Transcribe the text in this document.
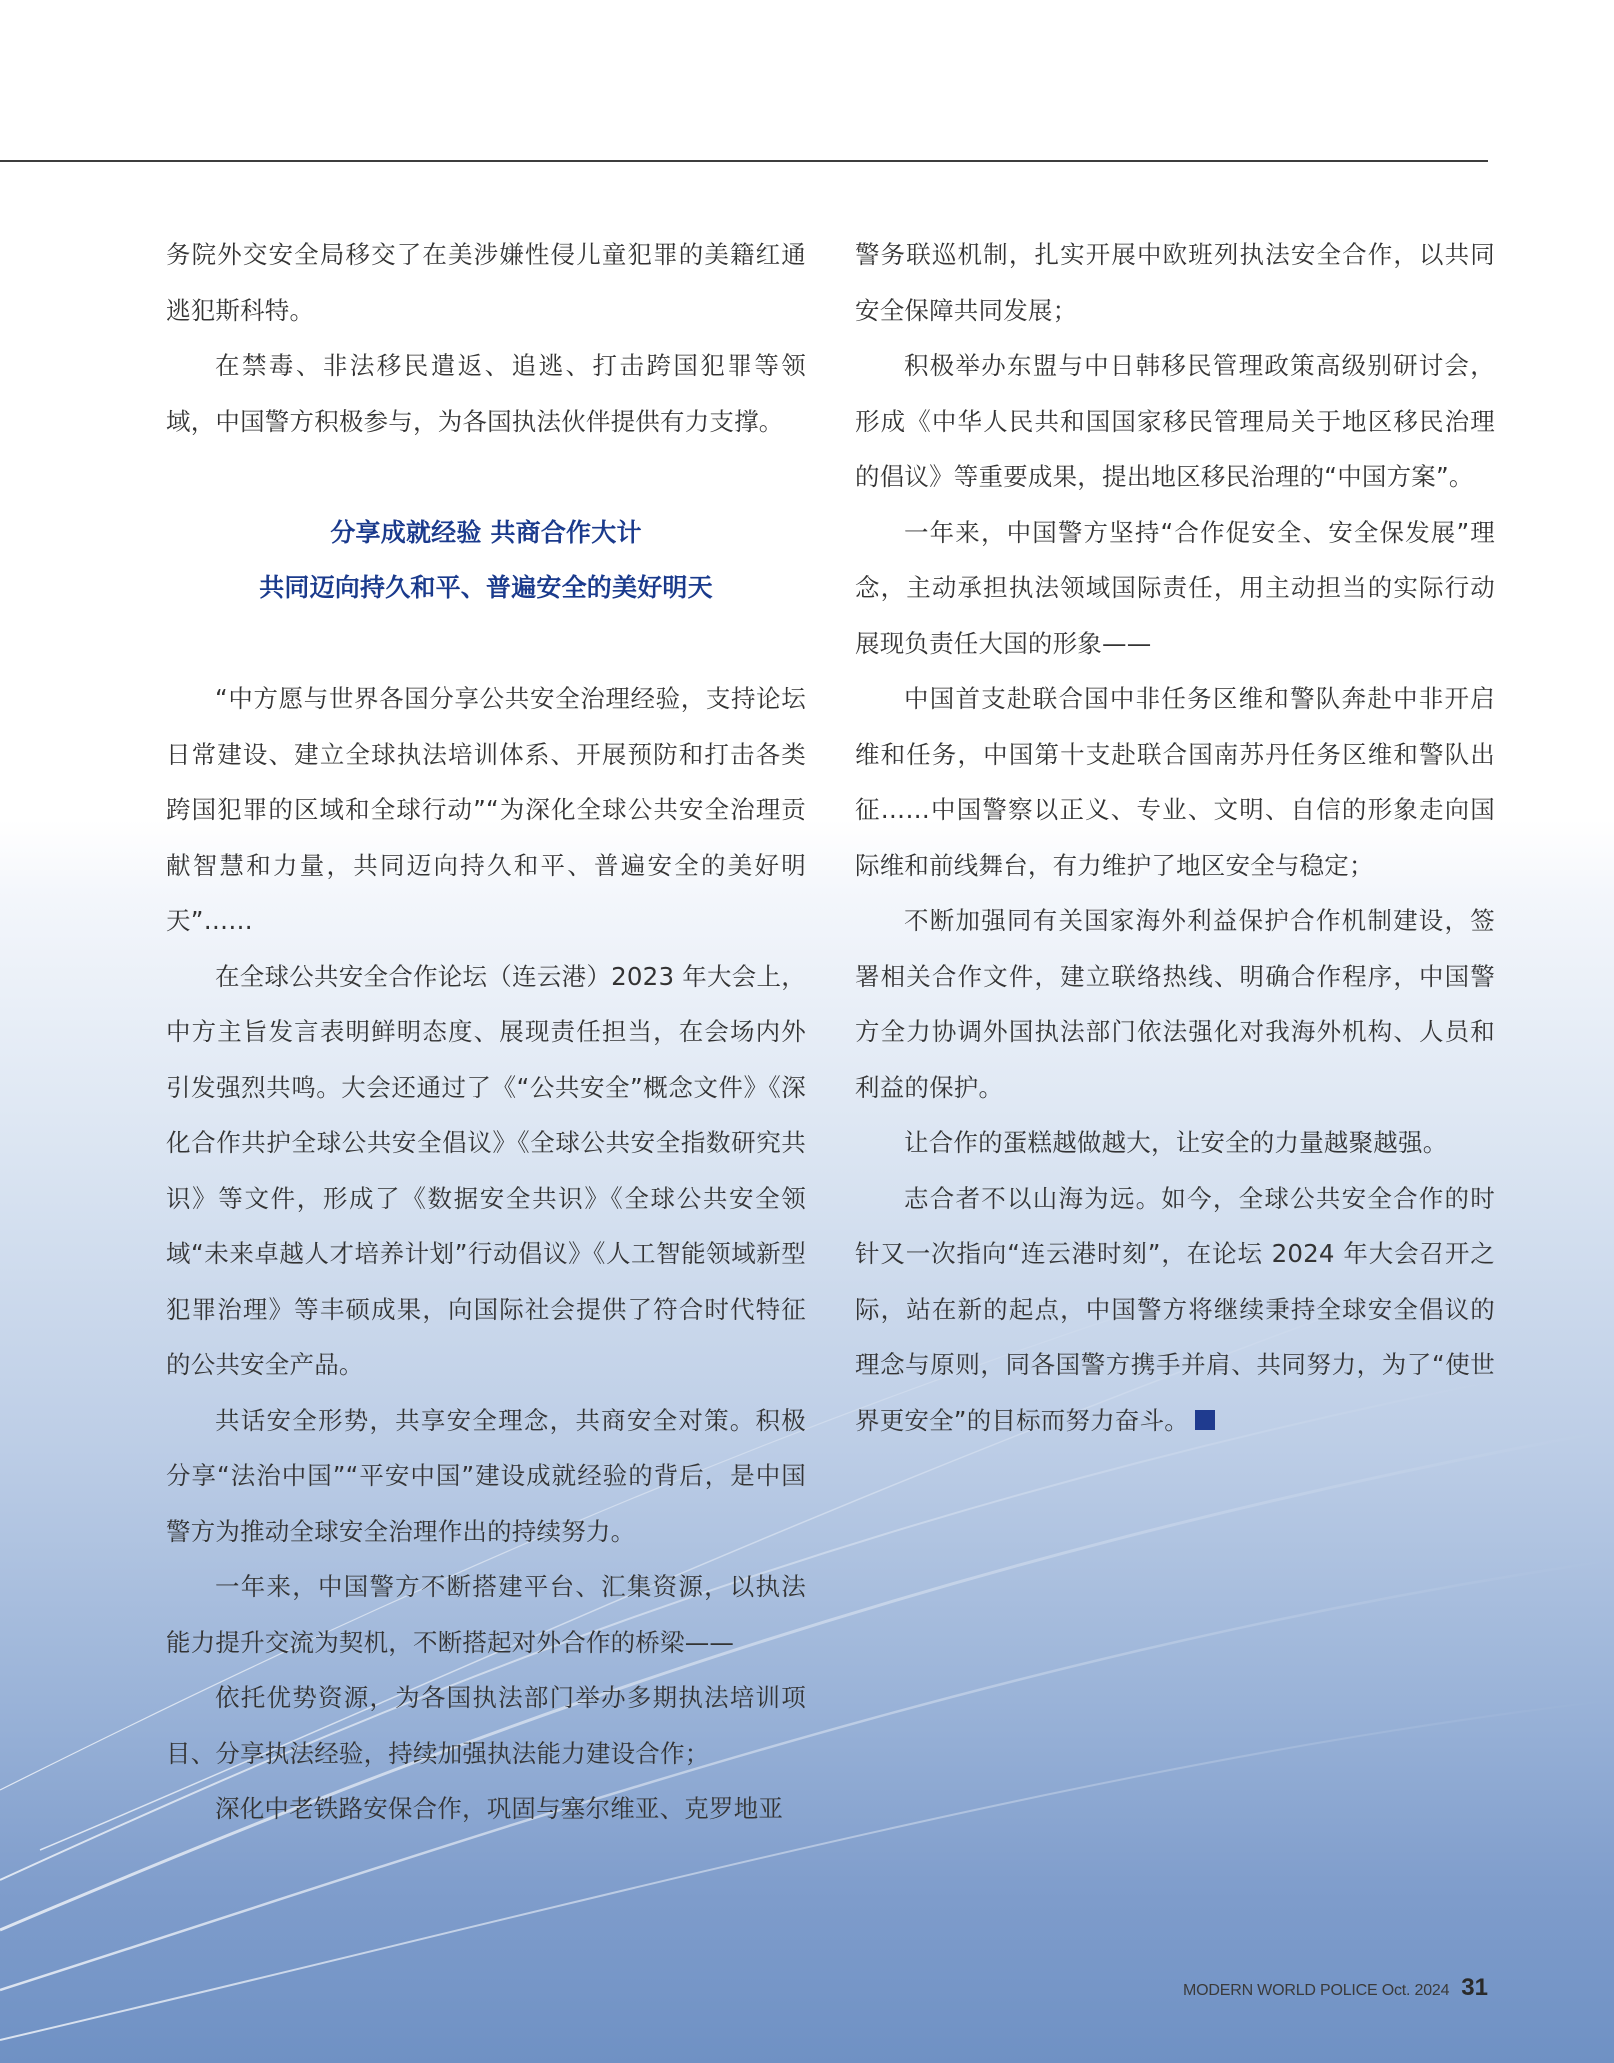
务院外交安全局移交了在美涉嫌性侵儿童犯罪的美籍红通逃犯斯科特。

在禁毒、非法移民遣返、追逃、打击跨国犯罪等领域，中国警方积极参与，为各国执法伙伴提供有力支撑。

分享成就经验 共商合作大计

共同迈向持久和平、普遍安全的美好明天

“中方愿与世界各国分享公共安全治理经验，支持论坛日常建设、建立全球执法培训体系、开展预防和打击各类跨国犯罪的区域和全球行动”“为深化全球公共安全治理贡献智慧和力量，共同迈向持久和平、普遍安全的美好明天”……

在全球公共安全合作论坛（连云港）2023 年大会上，中方主旨发言表明鲜明态度、展现责任担当，在会场内外引发强烈共鸣。大会还通过了《“公共安全”概念文件》《深化合作共护全球公共安全倡议》《全球公共安全指数研究共识》等文件，形成了《数据安全共识》《全球公共安全领域“未来卓越人才培养计划”行动倡议》《人工智能领域新型犯罪治理》等丰硕成果，向国际社会提供了符合时代特征的公共安全产品。

共话安全形势，共享安全理念，共商安全对策。积极分享“法治中国”“平安中国”建设成就经验的背后，是中国警方为推动全球安全治理作出的持续努力。

一年来，中国警方不断搭建平台、汇集资源，以执法能力提升交流为契机，不断搭起对外合作的桥梁——

依托优势资源，为各国执法部门举办多期执法培训项目、分享执法经验，持续加强执法能力建设合作；

深化中老铁路安保合作，巩固与塞尔维亚、克罗地亚

警务联巡机制，扎实开展中欧班列执法安全合作，以共同安全保障共同发展；

积极举办东盟与中日韩移民管理政策高级别研讨会，形成《中华人民共和国国家移民管理局关于地区移民治理的倡议》等重要成果，提出地区移民治理的“中国方案”。

一年来，中国警方坚持“合作促安全、安全保发展”理念，主动承担执法领域国际责任，用主动担当的实际行动展现负责任大国的形象——

中国首支赴联合国中非任务区维和警队奔赴中非开启维和任务，中国第十支赴联合国南苏丹任务区维和警队出征……中国警察以正义、专业、文明、自信的形象走向国际维和前线舞台，有力维护了地区安全与稳定；

不断加强同有关国家海外利益保护合作机制建设，签署相关合作文件，建立联络热线、明确合作程序，中国警方全力协调外国执法部门依法强化对我海外机构、人员和利益的保护。

让合作的蛋糕越做越大，让安全的力量越聚越强。

志合者不以山海为远。如今，全球公共安全合作的时针又一次指向“连云港时刻”，在论坛 2024 年大会召开之际，站在新的起点，中国警方将继续秉持全球安全倡议的理念与原则，同各国警方携手并肩、共同努力，为了“使世界更安全”的目标而努力奋斗。

MODERN WORLD POLICE Oct. 2024 31
